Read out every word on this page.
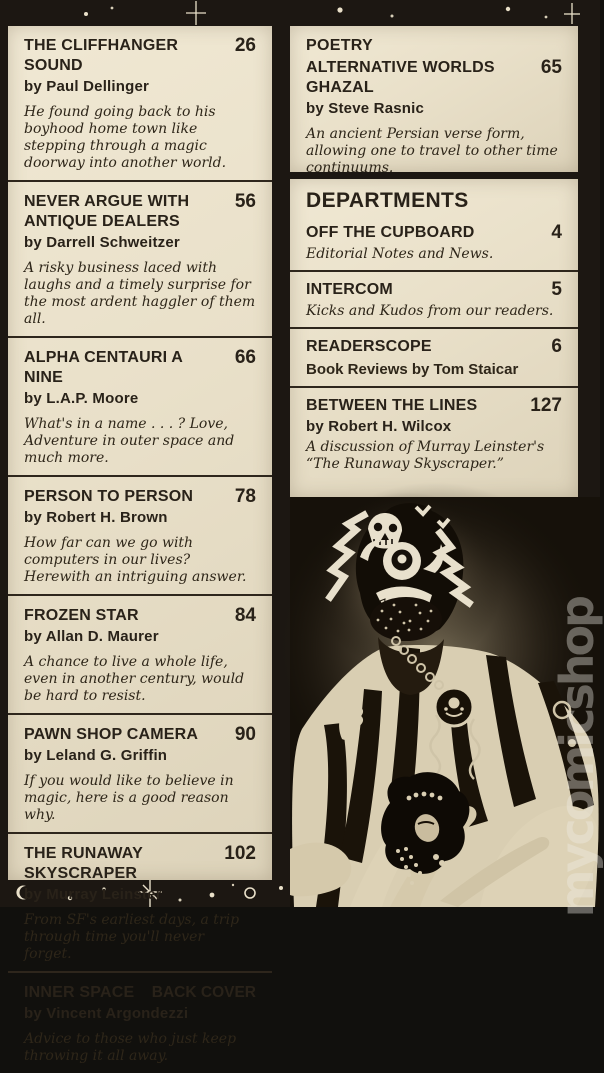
THE CLIFFHANGER SOUND
26
by Paul Dellinger
He found going back to his boyhood home town like stepping through a magic doorway into another world.
NEVER ARGUE WITH ANTIQUE DEALERS
56
by Darrell Schweitzer
A risky business laced with laughs and a timely surprise for the most ardent haggler of them all.
ALPHA CENTAURI A NINE
66
by L.A.P. Moore
What's in a name . . . ? Love, Adventure in outer space and much more.
PERSON TO PERSON 78
by Robert H. Brown
How far can we go with computers in our lives? Herewith an intriguing answer.
FROZEN STAR	84
by Allan D. Maurer
A chance to live a whole life, even in another century, would be hard to resist.
PAWN SHOP CAMERA 90
by Leland G. Griffin
If you would like to believe in magic, here is a good reason why.
THE RUNAWAY SKYSCRAPER
102
by Murray Leinster
From SF's earliest days, a trip through time you'll never forget.
INNER SPACE BACK COVER
by Vincent Argondezzi
Advice to those who just keep throwing it all away.
POETRY
ALTERNATIVE WORLDS GHAZAL
65
by Steve Rasnic
An ancient Persian verse form, allowing one to travel to other time continuums.
DEPARTMENTS
OFF THE CUPBOARD	4
Editorial Notes and News.
INTERCOM	5
Kicks and Kudos from our readers.
READERSCOPE	6
Book Reviews by Tom Staicar
BETWEEN THE LINES	127
by Robert H. Wilcox
A discussion of Murray Leinster's “The Runaway Skyscraper.”
mycomicshop
